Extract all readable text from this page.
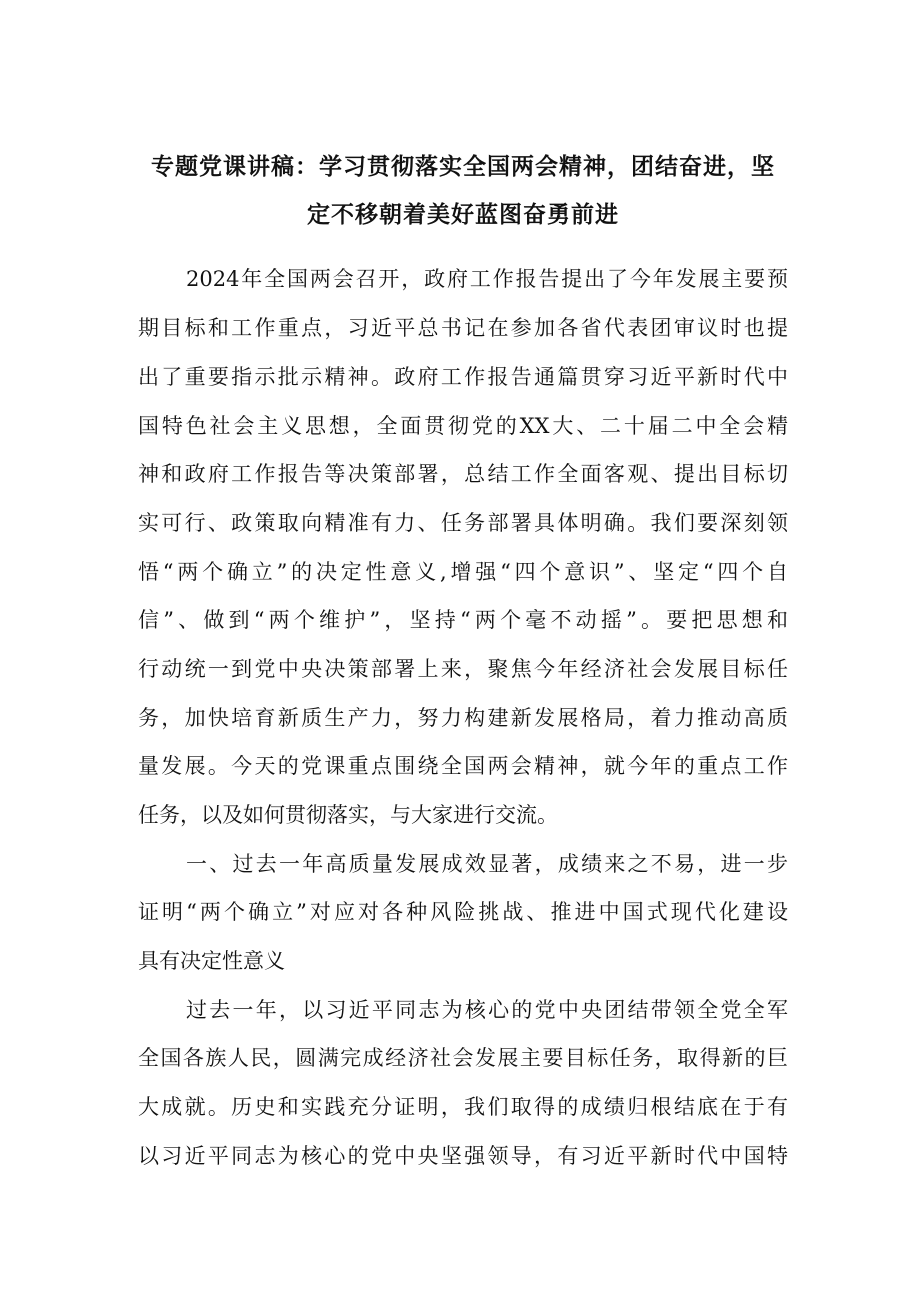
专题党课讲稿：学习贯彻落实全国两会精神，团结奋进，坚
定不移朝着美好蓝图奋勇前进

2024年全国两会召开，政府工作报告提出了今年发展主要预

期目标和工作重点，习近平总书记在参加各省代表团审议时也提

出了重要指示批示精神。政府工作报告通篇贯穿习近平新时代中

国特色社会主义思想，全面贯彻党的XX大、二十届二中全会精

神和政府工作报告等决策部署，总结工作全面客观、提出目标切

实可行、政策取向精准有力、任务部署具体明确。我们要深刻领

悟“两个确立”的决定性意义,增强“四个意识”、坚定“四个自

信”、做到“两个维护”，坚持“两个毫不动摇”。要把思想和

行动统一到党中央决策部署上来，聚焦今年经济社会发展目标任

务，加快培育新质生产力，努力构建新发展格局，着力推动高质

量发展。今天的党课重点围绕全国两会精神，就今年的重点工作

任务，以及如何贯彻落实，与大家进行交流。

一、过去一年高质量发展成效显著，成绩来之不易，进一步

证明“两个确立”对应对各种风险挑战、推进中国式现代化建设

具有决定性意义

过去一年，以习近平同志为核心的党中央团结带领全党全军

全国各族人民，圆满完成经济社会发展主要目标任务，取得新的巨

大成就。历史和实践充分证明，我们取得的成绩归根结底在于有

以习近平同志为核心的党中央坚强领导，有习近平新时代中国特
